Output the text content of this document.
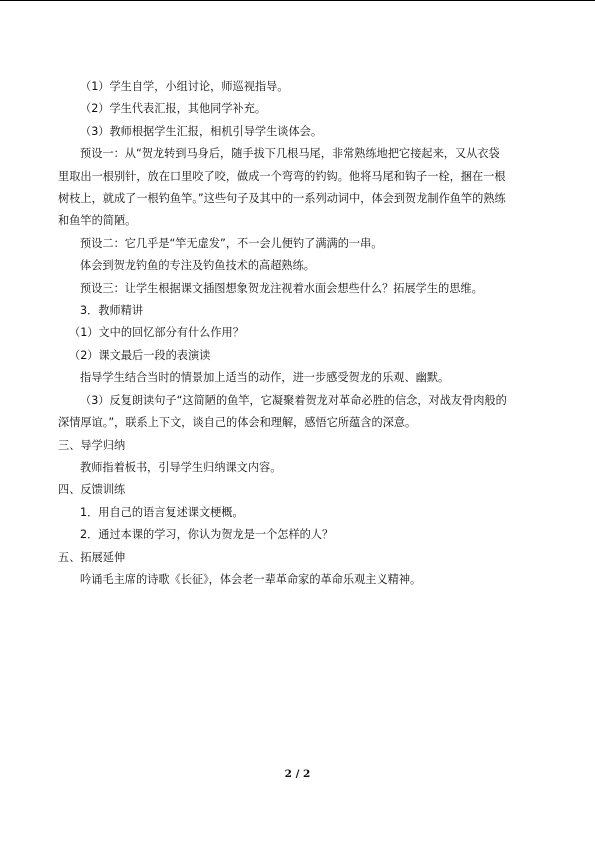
（1）学生自学，小组讨论，师巡视指导。
（2）学生代表汇报，其他同学补充。
（3）教师根据学生汇报，相机引导学生谈体会。
预设一：从“贺龙转到马身后，随手拔下几根马尾，非常熟练地把它接起来，又从衣袋
里取出一根别针，放在口里咬了咬，做成一个弯弯的钓钩。他将马尾和钩子一栓，捆在一根
树枝上，就成了一根钓鱼竿。”这些句子及其中的一系列动词中，体会到贺龙制作鱼竿的熟练
和鱼竿的简陋。
预设二：它几乎是“竿无虚发”，不一会儿便钓了满满的一串。
体会到贺龙钓鱼的专注及钓鱼技术的高超熟练。
预设三：让学生根据课文插图想象贺龙注视着水面会想些什么？拓展学生的思维。
3．教师精讲
（1）文中的回忆部分有什么作用？
（2）课文最后一段的表演读
指导学生结合当时的情景加上适当的动作，进一步感受贺龙的乐观、幽默。
（3）反复朗读句子“这简陋的鱼竿，它凝聚着贺龙对革命必胜的信念，对战友骨肉般的
深情厚谊。”，联系上下文，谈自己的体会和理解，感悟它所蕴含的深意。
三、导学归纳
教师指着板书，引导学生归纳课文内容。
四、反馈训练
1．用自己的语言复述课文梗概。
2．通过本课的学习，你认为贺龙是一个怎样的人？
五、拓展延伸
吟诵毛主席的诗歌《长征》，体会老一辈革命家的革命乐观主义精神。
2 / 2
